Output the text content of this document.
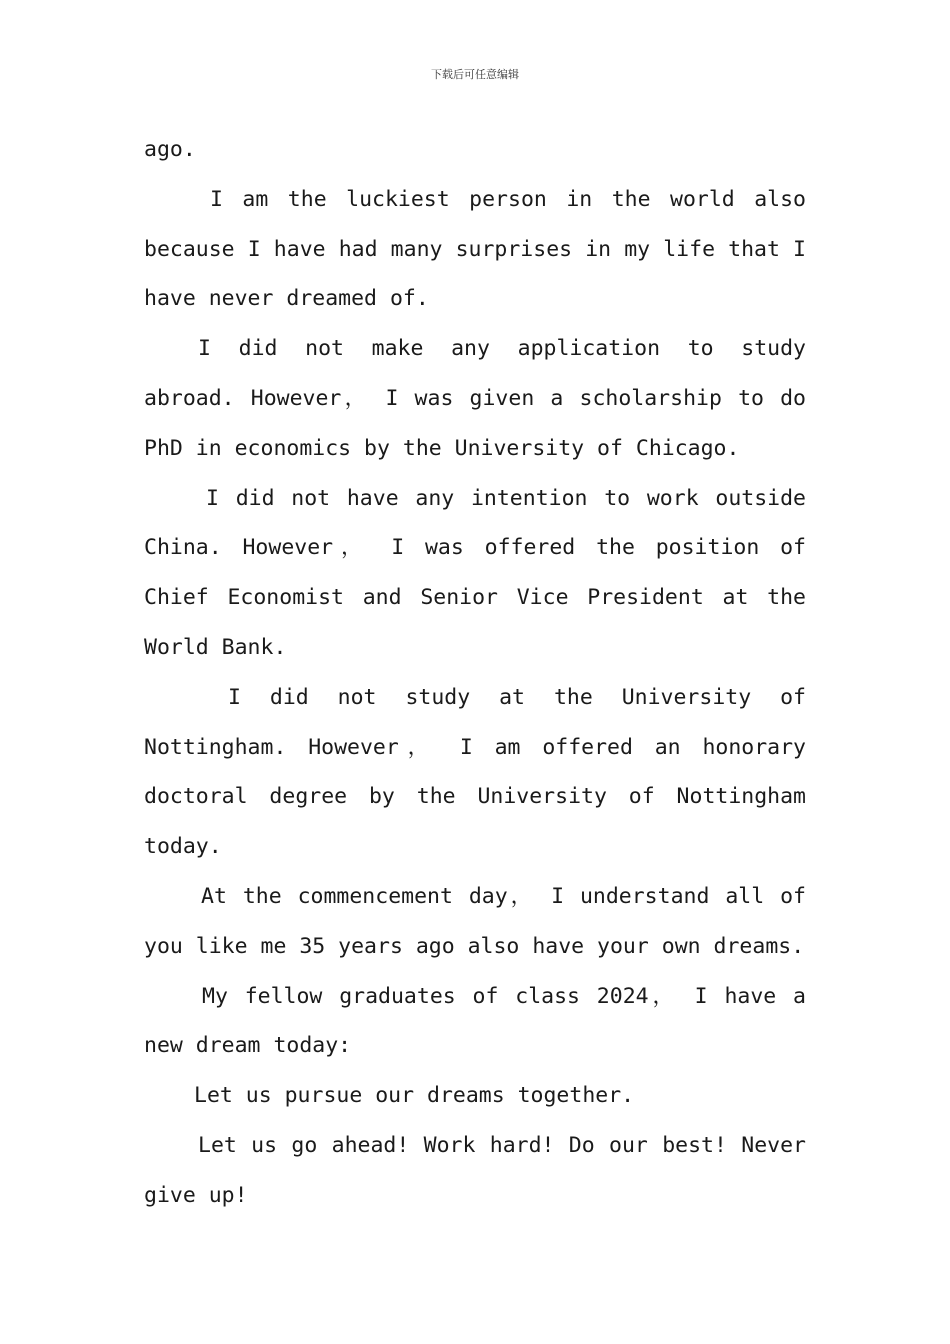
下载后可任意编辑

ago.

I am the luckiest person in the world also because I have had many surprises in my life that I have never dreamed of.

I did not make any application to study abroad. However， I was given a scholarship to do PhD in economics by the University of Chicago.

I did not have any intention to work outside China. However， I was offered the position of Chief Economist and Senior Vice President at the World Bank.

I did not study at the University of Nottingham. However， I am offered an honorary doctoral degree by the University of Nottingham today.

At the commencement day， I understand all of you like me 35 years ago also have your own dreams.

My fellow graduates of class 2024， I have a new dream today:

Let us pursue our dreams together.

Let us go ahead! Work hard! Do our best! Never give up!
